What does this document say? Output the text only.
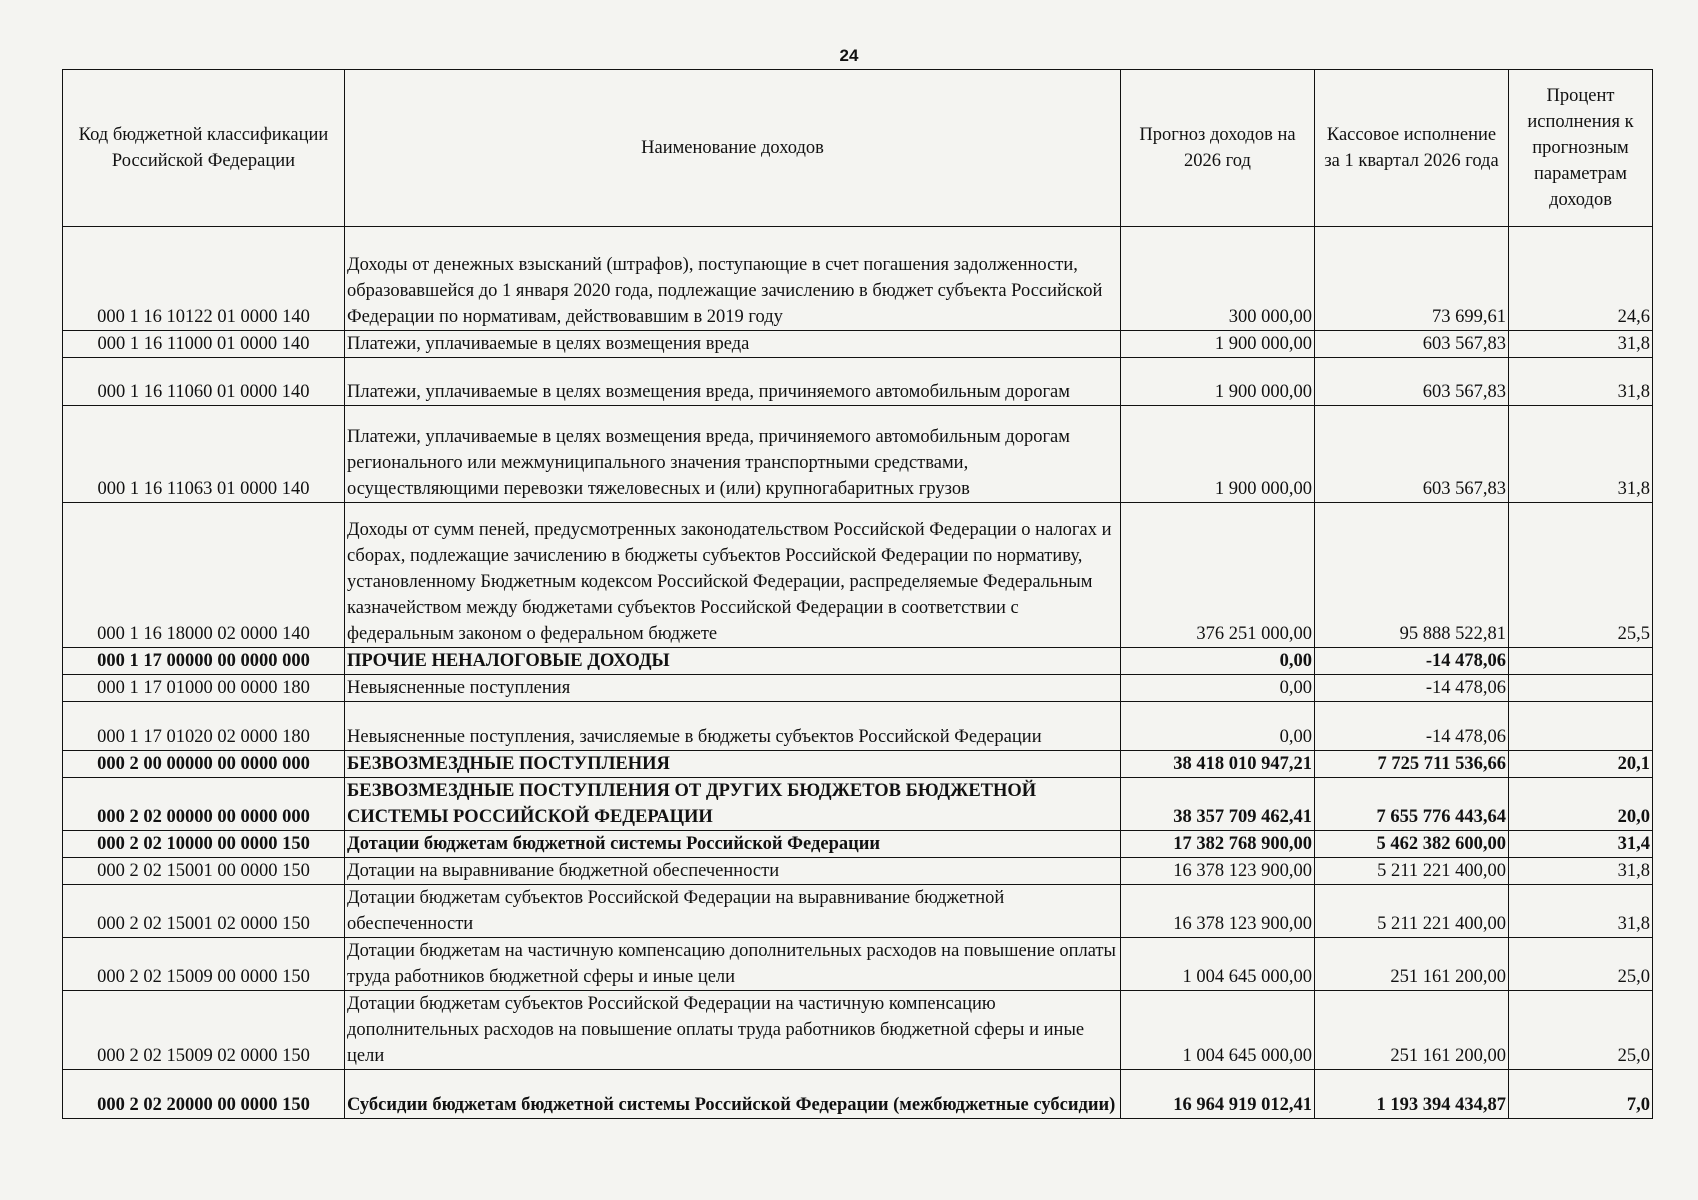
24
Код бюджетной классификации Российской Федерации	Наименование доходов	Прогноз доходов на 2026 год	Кассовое исполнение за 1 квартал 2026 года	Процент исполнения к прогнозным параметрам доходов
000 1 16 10122 01 0000 140	Доходы от денежных взысканий (штрафов), поступающие в счет погашения задолженности, образовавшейся до 1 января 2020 года, подлежащие зачислению в бюджет субъекта Российской Федерации по нормативам, действовавшим в 2019 году	300 000,00	73 699,61	24,6
000 1 16 11000 01 0000 140	Платежи, уплачиваемые в целях возмещения вреда	1 900 000,00	603 567,83	31,8
000 1 16 11060 01 0000 140	Платежи, уплачиваемые в целях возмещения вреда, причиняемого автомобильным дорогам	1 900 000,00	603 567,83	31,8
000 1 16 11063 01 0000 140	Платежи, уплачиваемые в целях возмещения вреда, причиняемого автомобильным дорогам регионального или межмуниципального значения транспортными средствами, осуществляющими перевозки тяжеловесных и (или) крупногабаритных грузов	1 900 000,00	603 567,83	31,8
000 1 16 18000 02 0000 140	Доходы от сумм пеней, предусмотренных законодательством Российской Федерации о налогах и сборах, подлежащие зачислению в бюджеты субъектов Российской Федерации по нормативу, установленному Бюджетным кодексом Российской Федерации, распределяемые Федеральным казначейством между бюджетами субъектов Российской Федерации в соответствии с федеральным законом о федеральном бюджете	376 251 000,00	95 888 522,81	25,5
000 1 17 00000 00 0000 000	ПРОЧИЕ НЕНАЛОГОВЫЕ ДОХОДЫ	0,00	-14 478,06	
000 1 17 01000 00 0000 180	Невыясненные поступления	0,00	-14 478,06	
000 1 17 01020 02 0000 180	Невыясненные поступления, зачисляемые в бюджеты субъектов Российской Федерации	0,00	-14 478,06	
000 2 00 00000 00 0000 000	БЕЗВОЗМЕЗДНЫЕ ПОСТУПЛЕНИЯ	38 418 010 947,21	7 725 711 536,66	20,1
000 2 02 00000 00 0000 000	БЕЗВОЗМЕЗДНЫЕ ПОСТУПЛЕНИЯ ОТ ДРУГИХ БЮДЖЕТОВ БЮДЖЕТНОЙ СИСТЕМЫ РОССИЙСКОЙ ФЕДЕРАЦИИ	38 357 709 462,41	7 655 776 443,64	20,0
000 2 02 10000 00 0000 150	Дотации бюджетам бюджетной системы Российской Федерации	17 382 768 900,00	5 462 382 600,00	31,4
000 2 02 15001 00 0000 150	Дотации на выравнивание бюджетной обеспеченности	16 378 123 900,00	5 211 221 400,00	31,8
000 2 02 15001 02 0000 150	Дотации бюджетам субъектов Российской Федерации на выравнивание бюджетной обеспеченности	16 378 123 900,00	5 211 221 400,00	31,8
000 2 02 15009 00 0000 150	Дотации бюджетам на частичную компенсацию дополнительных расходов на повышение оплаты труда работников бюджетной сферы и иные цели	1 004 645 000,00	251 161 200,00	25,0
000 2 02 15009 02 0000 150	Дотации бюджетам субъектов Российской Федерации на частичную компенсацию дополнительных расходов на повышение оплаты труда работников бюджетной сферы и иные цели	1 004 645 000,00	251 161 200,00	25,0
000 2 02 20000 00 0000 150	Субсидии бюджетам бюджетной системы Российской Федерации (межбюджетные субсидии)	16 964 919 012,41	1 193 394 434,87	7,0
